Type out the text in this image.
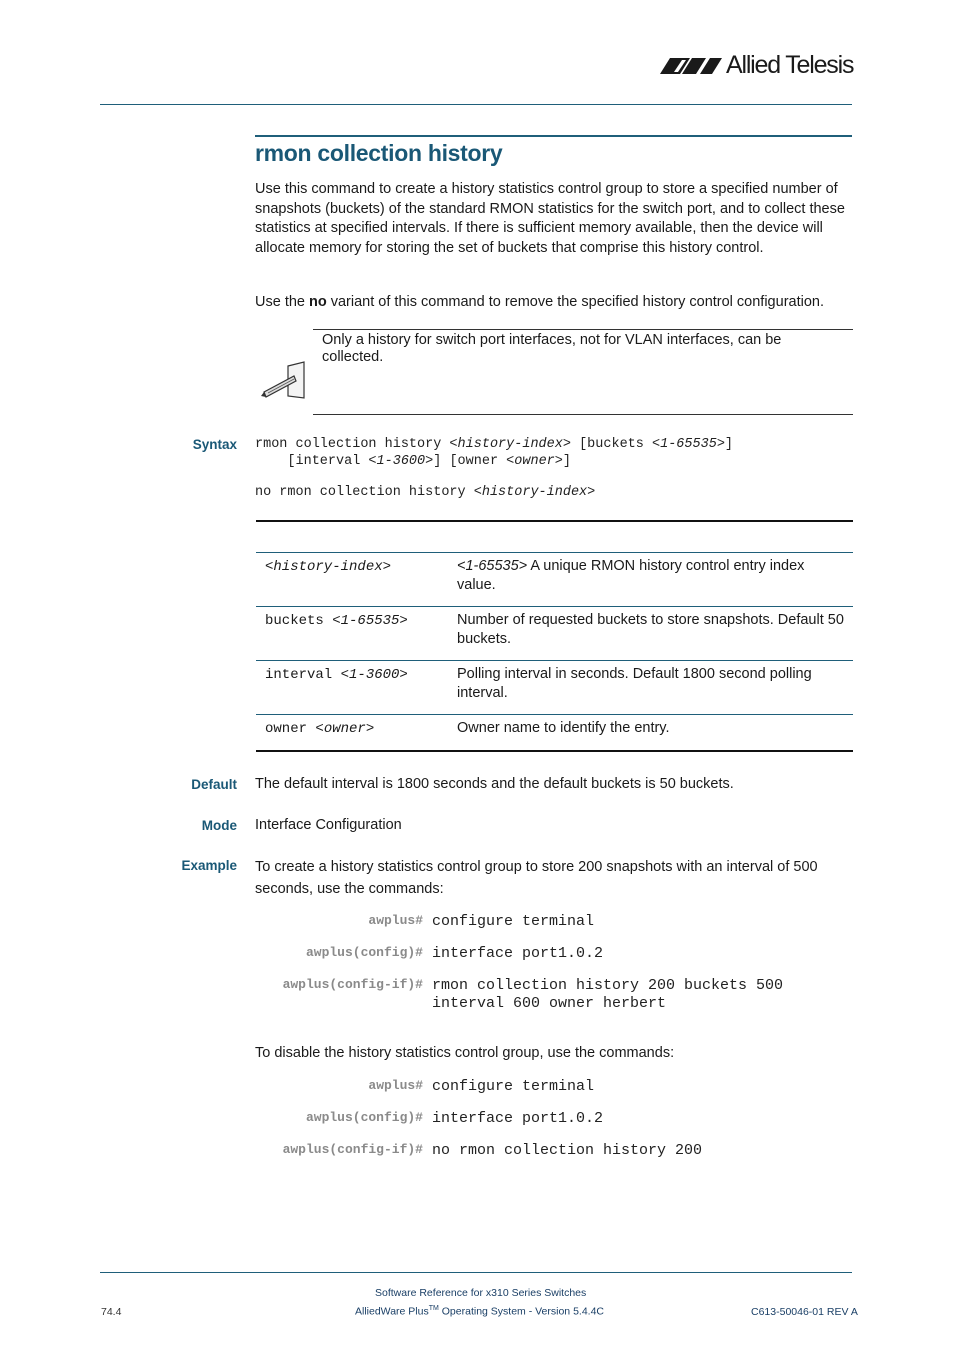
Allied Telesis
rmon collection history
Use this command to create a history statistics control group to store a specified number of snapshots (buckets) of the standard RMON statistics for the switch port, and to collect these statistics at specified intervals. If there is sufficient memory available, then the device will allocate memory for storing the set of buckets that comprise this history control.
Use the no variant of this command to remove the specified history control configuration.
Only a history for switch port interfaces, not for VLAN interfaces, can be collected.
Syntax rmon collection history <history-index> [buckets <1-65535>]
[interval <1-3600>] [owner <owner>]
no rmon collection history <history-index>
<history-index>	<1-65535> A unique RMON history control entry index value.
buckets <1-65535>	Number of requested buckets to store snapshots. Default 50 buckets.
interval <1-3600>	Polling interval in seconds. Default 1800 second polling interval.
owner <owner>	Owner name to identify the entry.
Default The default interval is 1800 seconds and the default buckets is 50 buckets.
Mode Interface Configuration
Example To create a history statistics control group to store 200 snapshots with an interval of 500 seconds, use the commands:
awplus# configure terminal
awplus(config)# interface port1.0.2
awplus(config-if)# rmon collection history 200 buckets 500
interval 600 owner herbert
To disable the history statistics control group, use the commands:
awplus# configure terminal
awplus(config)# interface port1.0.2
awplus(config-if)# no rmon collection history 200
Software Reference for x310 Series Switches
AlliedWare Plus™ Operating System - Version 5.4.4C
74.4	C613-50046-01 REV A
